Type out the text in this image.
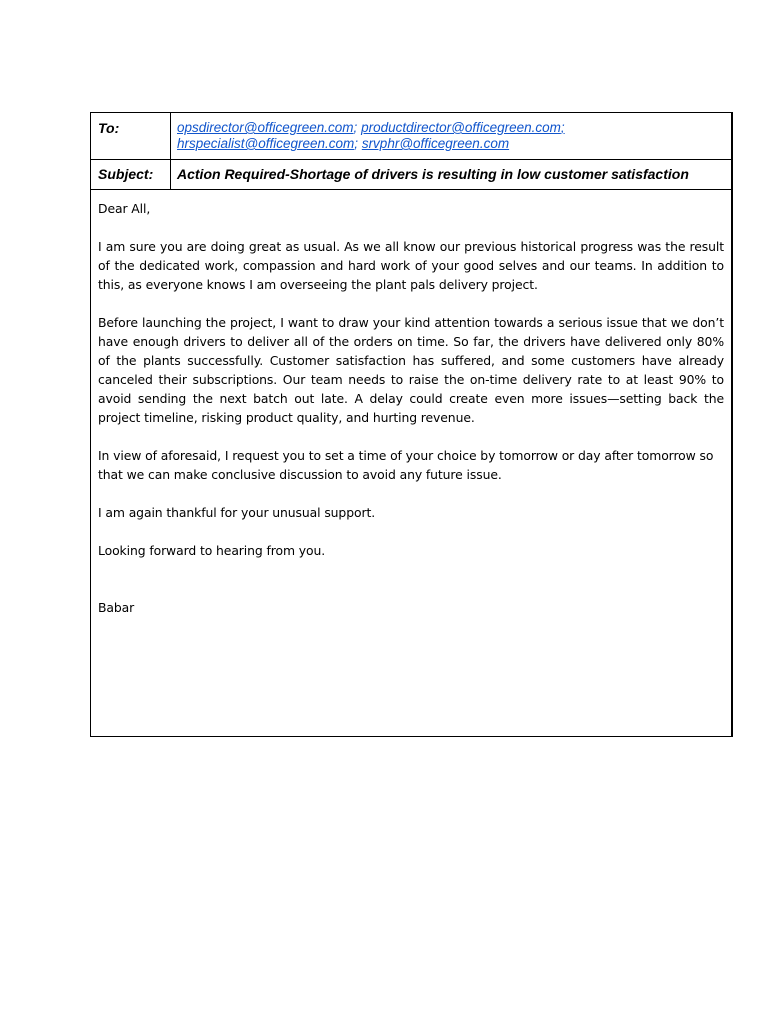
To:	opsdirector@officegreen.com; productdirector@officegreen.com;
hrspecialist@officegreen.com; srvphr@officegreen.com
Subject:	Action Required-Shortage of drivers is resulting in low customer satisfaction

Dear All,

I am sure you are doing great as usual. As we all know our previous historical progress was the result of the dedicated work, compassion and hard work of your good selves and our teams. In addition to this, as everyone knows I am overseeing the plant pals delivery project.

Before launching the project, I want to draw your kind attention towards a serious issue that we don’t have enough drivers to deliver all of the orders on time. So far, the drivers have delivered only 80% of the plants successfully. Customer satisfaction has suffered, and some customers have already canceled their subscriptions. Our team needs to raise the on-time delivery rate to at least 90% to avoid sending the next batch out late. A delay could create even more issues—setting back the project timeline, risking product quality, and hurting revenue.

In view of aforesaid, I request you to set a time of your choice by tomorrow or day after tomorrow so that we can make conclusive discussion to avoid any future issue.

I am again thankful for your unusual support.

Looking forward to hearing from you.

Babar
